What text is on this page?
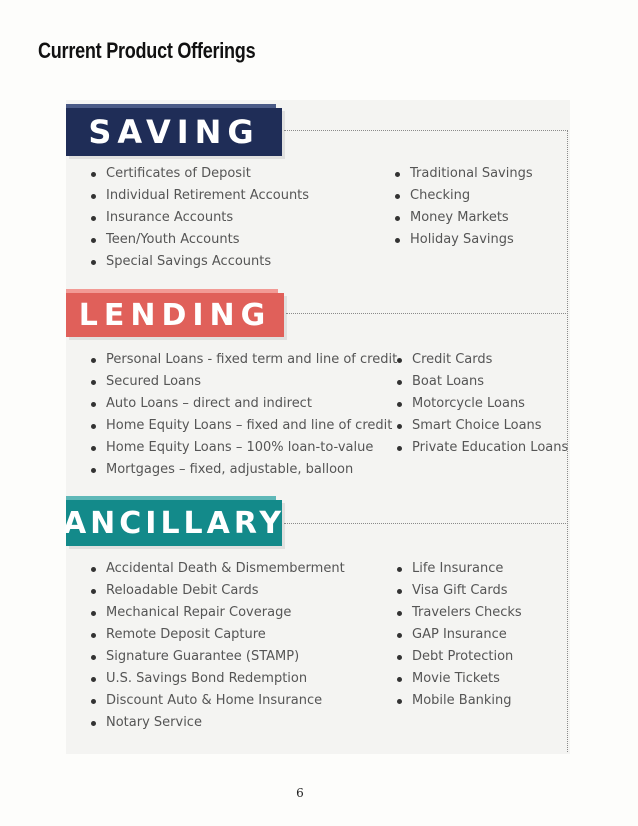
Current Product Offerings
SAVING
Certificates of Deposit
Individual Retirement Accounts
Insurance Accounts
Teen/Youth Accounts
Special Savings Accounts
Traditional Savings
Checking
Money Markets
Holiday Savings
LENDING
Personal Loans - fixed term and line of credit
Secured Loans
Auto Loans – direct and indirect
Home Equity Loans – fixed and line of credit
Home Equity Loans – 100% loan-to-value
Mortgages – fixed, adjustable, balloon
Credit Cards
Boat Loans
Motorcycle Loans
Smart Choice Loans
Private Education Loans
ANCILLARY
Accidental Death & Dismemberment
Reloadable Debit Cards
Mechanical Repair Coverage
Remote Deposit Capture
Signature Guarantee (STAMP)
U.S. Savings Bond Redemption
Discount Auto & Home Insurance
Notary Service
Life Insurance
Visa Gift Cards
Travelers Checks
GAP Insurance
Debt Protection
Movie Tickets
Mobile Banking
6
